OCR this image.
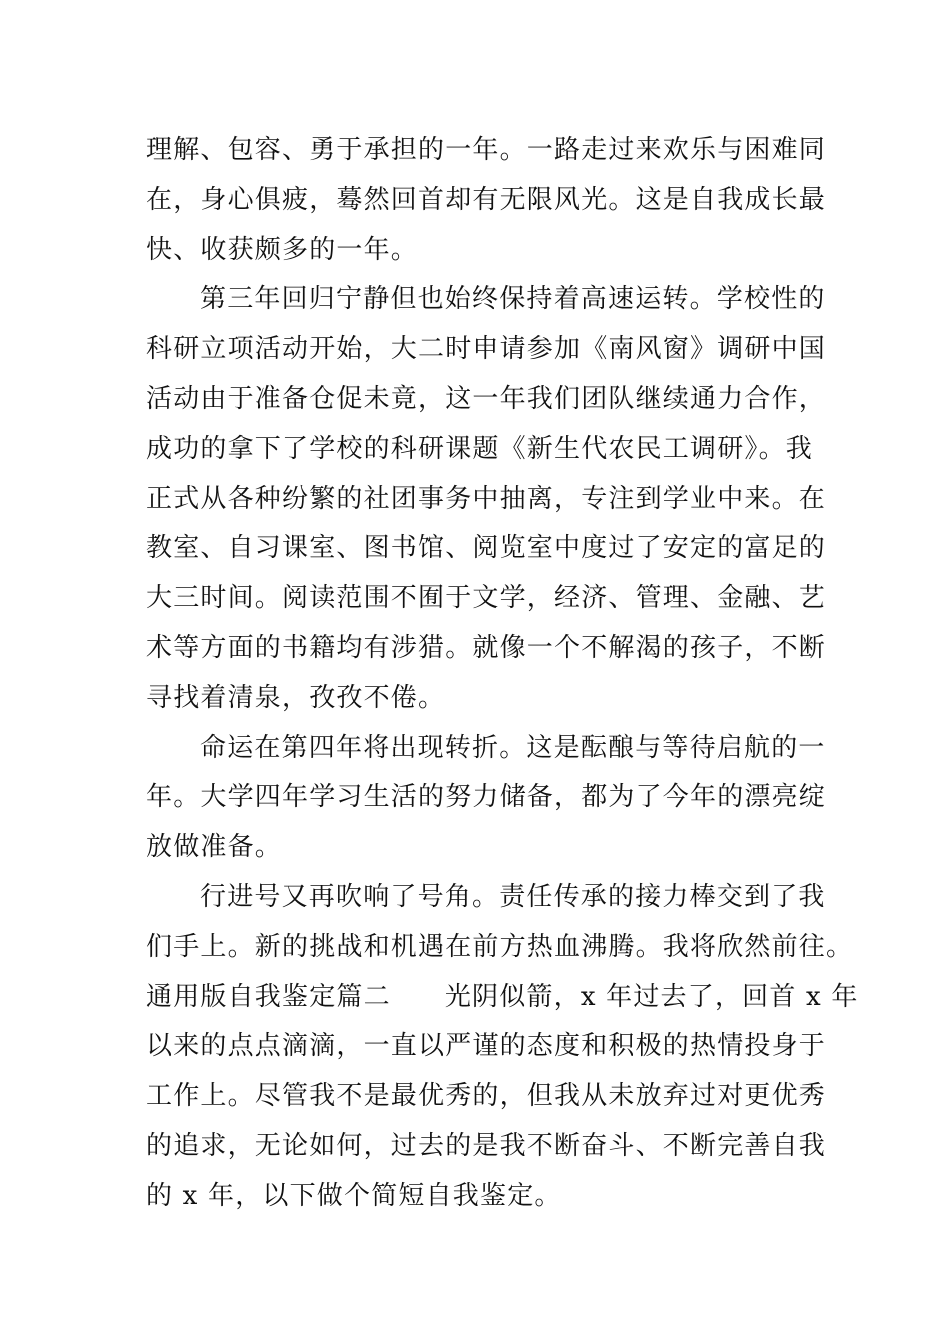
理解、包容、勇于承担的一年。一路走过来欢乐与困难同
在，身心俱疲，蓦然回首却有无限风光。这是自我成长最
快、收获颇多的一年。
第三年回归宁静但也始终保持着高速运转。学校性的
科研立项活动开始，大二时申请参加《南风窗》调研中国
活动由于准备仓促未竟，这一年我们团队继续通力合作，
成功的拿下了学校的科研课题《新生代农民工调研》。我
正式从各种纷繁的社团事务中抽离，专注到学业中来。在
教室、自习课室、图书馆、阅览室中度过了安定的富足的
大三时间。阅读范围不囿于文学，经济、管理、金融、艺
术等方面的书籍均有涉猎。就像一个不解渴的孩子，不断
寻找着清泉，孜孜不倦。
命运在第四年将出现转折。这是酝酿与等待启航的一
年。大学四年学习生活的努力储备，都为了今年的漂亮绽
放做准备。
行进号又再吹响了号角。责任传承的接力棒交到了我
们手上。新的挑战和机遇在前方热血沸腾。我将欣然前往。
通用版自我鉴定篇二 光阴似箭，x 年过去了，回首 x 年
以来的点点滴滴，一直以严谨的态度和积极的热情投身于
工作上。尽管我不是最优秀的，但我从未放弃过对更优秀
的追求，无论如何，过去的是我不断奋斗、不断完善自我
的 x 年，以下做个简短自我鉴定。
